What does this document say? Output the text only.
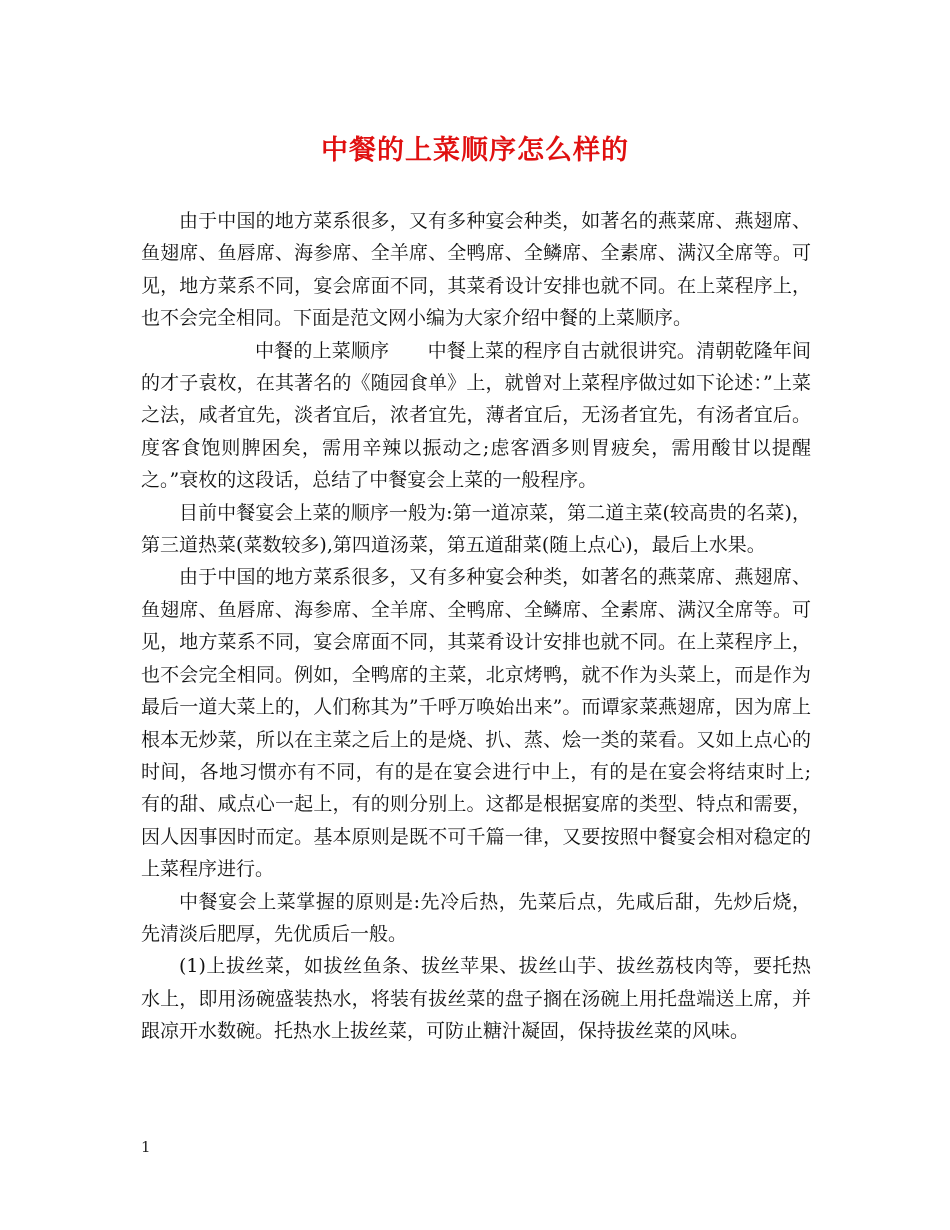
中餐的上菜顺序怎么样的

由于中国的地方菜系很多，又有多种宴会种类，如著名的燕菜席、燕翅席、鱼翅席、鱼唇席、海参席、全羊席、全鸭席、全鳞席、全素席、满汉全席等。可见，地方菜系不同，宴会席面不同，其菜肴设计安排也就不同。在上菜程序上，也不会完全相同。下面是范文网小编为大家介绍中餐的上菜顺序。

中餐的上菜顺序　　中餐上菜的程序自古就很讲究。清朝乾隆年间的才子袁枚，在其著名的《随园食单》上，就曾对上菜程序做过如下论述：”上菜之法，咸者宜先，淡者宜后，浓者宜先，薄者宜后，无汤者宜先，有汤者宜后。度客食饱则脾困矣，需用辛辣以振动之;虑客酒多则胃疲矣，需用酸甘以提醒之。”衰枚的这段话，总结了中餐宴会上菜的一般程序。

目前中餐宴会上菜的顺序一般为:第一道凉菜，第二道主菜(较高贵的名菜)，第三道热菜(菜数较多),第四道汤菜，第五道甜菜(随上点心)，最后上水果。

由于中国的地方菜系很多，又有多种宴会种类，如著名的燕菜席、燕翅席、鱼翅席、鱼唇席、海参席、全羊席、全鸭席、全鳞席、全素席、满汉全席等。可见，地方菜系不同，宴会席面不同，其菜肴设计安排也就不同。在上菜程序上，也不会完全相同。例如，全鸭席的主菜，北京烤鸭，就不作为头菜上，而是作为最后一道大菜上的，人们称其为”千呼万唤始出来”。而谭家菜燕翅席，因为席上根本无炒菜，所以在主菜之后上的是烧、扒、蒸、烩一类的菜看。又如上点心的时间，各地习惯亦有不同，有的是在宴会进行中上，有的是在宴会将结束时上;有的甜、咸点心一起上，有的则分别上。这都是根据宴席的类型、特点和需要，因人因事因时而定。基本原则是既不可千篇一律，又要按照中餐宴会相对稳定的上菜程序进行。

中餐宴会上菜掌握的原则是:先冷后热，先菜后点，先咸后甜，先炒后烧，先清淡后肥厚，先优质后一般。

(1)上拔丝菜，如拔丝鱼条、拔丝苹果、拔丝山芋、拔丝荔枝肉等，要托热水上，即用汤碗盛装热水，将装有拔丝菜的盘子搁在汤碗上用托盘端送上席，并跟凉开水数碗。托热水上拔丝菜，可防止糖汁凝固，保持拔丝菜的风味。

1
